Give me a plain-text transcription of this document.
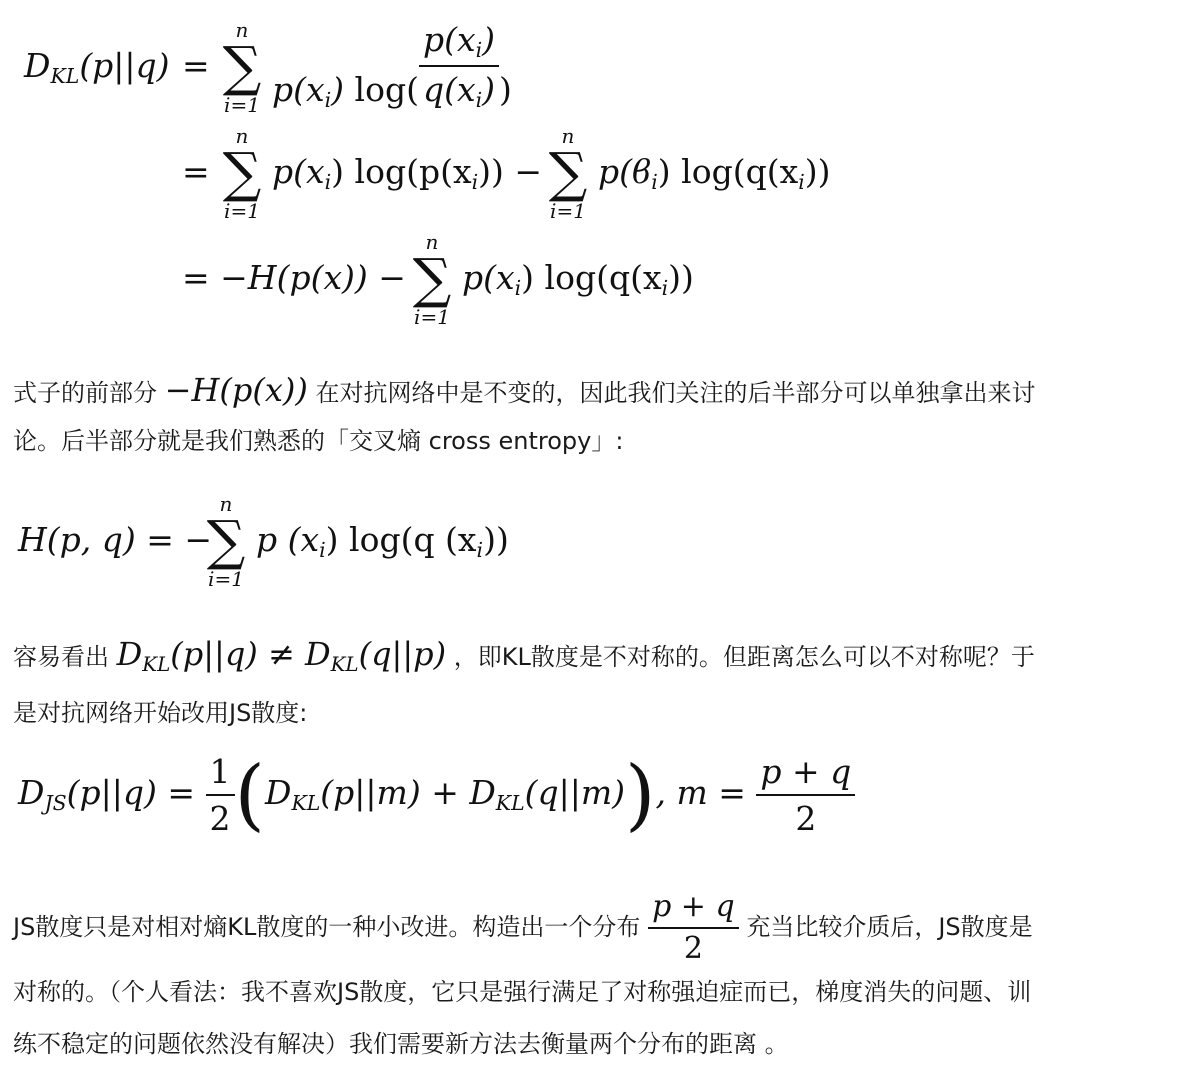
$D_{KL}(p||q)$ =
n
∑
i=1 $p(x_i)$ $\log( \frac{p(x_i)}{q(x_i)}$ )
=
n
∑
i=1
$p(x_i) \log(p(x_i))$ −
n
∑
i=1
$p(ϐ_i)$ $\log(q(x_i))$
= −H(p(x)) −
n
∑
i=1
$p(x_i)$ $\log(q(x_i))$
式子的前部分 −H(p(x)) 在对抗网络中是不变的，因此我们关注的后半部分可以单独拿出来讨
论。后半部分就是我们熟悉的「交叉熵 cross entropy」:
H(p, q) = −
n
∑
i=1
p $(x_i)$ log(q $(x_i)$)
容易看出 $D_{KL}(p||q) \ne D_{KL}(q||p)$ ，即KL散度是不对称的。但距离怎么可以不对称呢？于
是对抗网络开始改用JS散度:
$D_{JS}(p||q) = \frac{1}{2} (D_{KL}(p||m) + D_{KL}(q||m))$, $m = \frac{p + q}{2}$
JS散度只是对相对熵KL散度的一种小改进。构造出一个分布 $\frac{p + q}{2}$ 充当比较介质后，JS散度是
对称的。（个人看法：我不喜欢JS散度，它只是强行满足了对称强迫症而已，梯度消失的问题、训
练不稳定的问题依然没有解决）我们需要新方法去衡量两个分布的距离 。
